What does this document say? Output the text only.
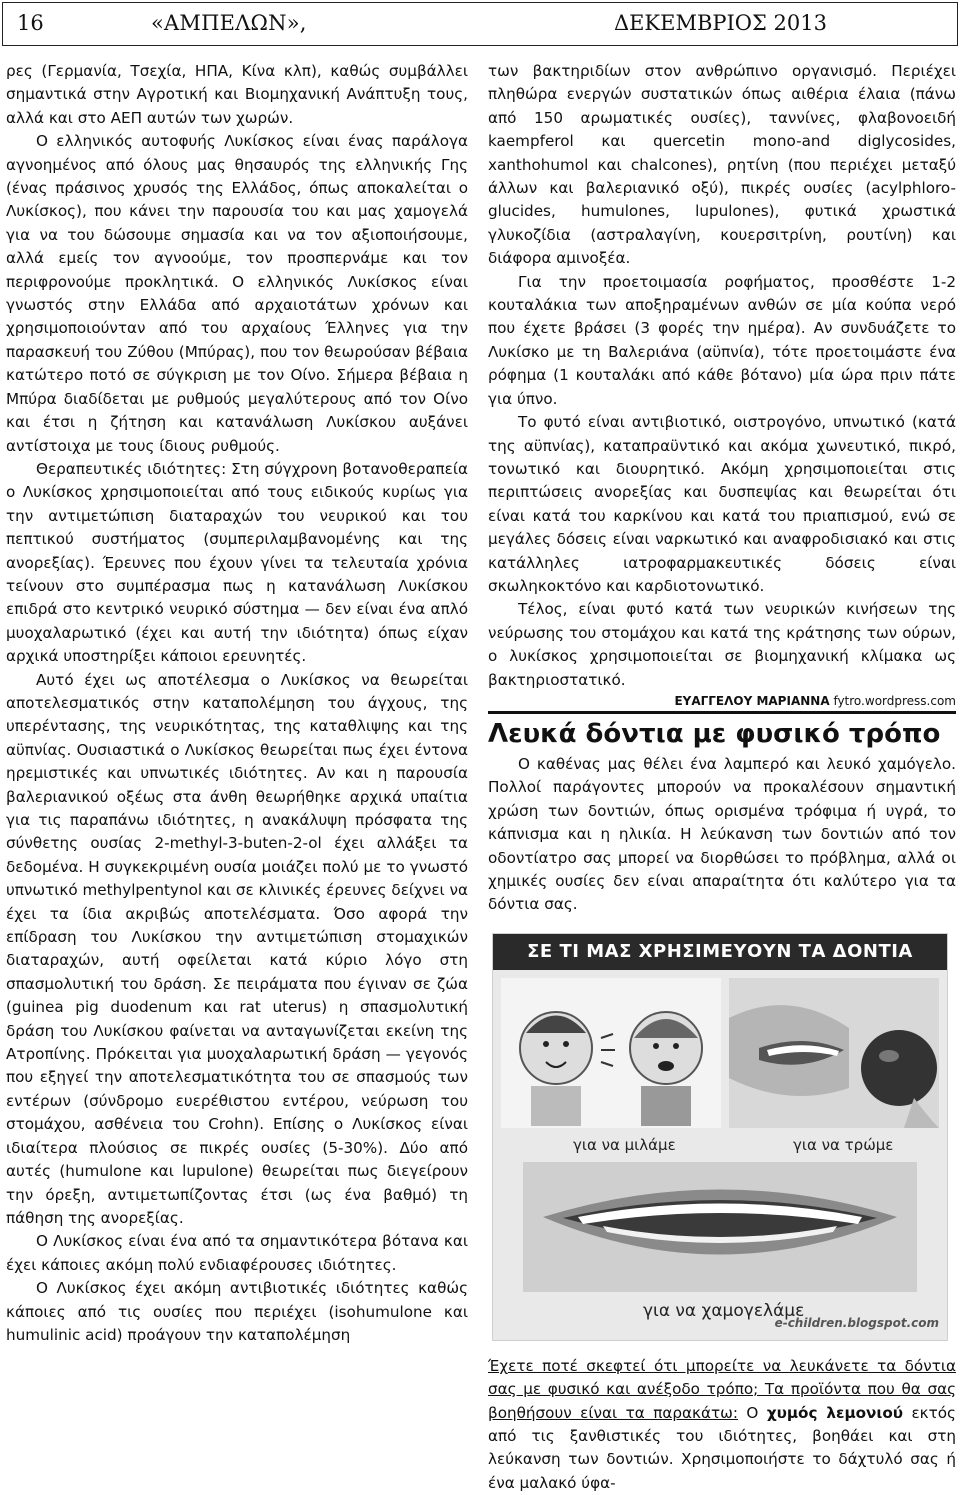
16	«ΑΜΠΕΛΩΝ»,	ΔΕΚΕΜΒΡΙΟΣ 2013

ρες (Γερμανία, Τσεχία, ΗΠΑ, Κίνα κλπ), καθώς συμβάλλει σημαντικά στην Αγροτική και Βιομηχανική Ανάπτυξη τους, αλλά και στο ΑΕΠ αυτών των χωρών.

Ο ελληνικός αυτοφυής Λυκίσκος είναι ένας παράλογα αγνοημένος από όλους μας θησαυρός της ελληνικής Γης (ένας πράσινος χρυσός της Ελλάδος, όπως αποκαλείται ο Λυκίσκος), που κάνει την παρουσία του και μας χαμογελά για να του δώσουμε σημασία και να τον αξιοποιήσουμε, αλλά εμείς τον αγνοούμε, τον προσπερνάμε και τον περιφρονούμε προκλητικά. Ο ελληνικός Λυκίσκος είναι γνωστός στην Ελλάδα από αρχαιοτάτων χρόνων και χρησιμοποιούνταν από του αρχαίους Έλληνες για την παρασκευή του Ζύθου (Μπύρας), που τον θεωρούσαν βέβαια κατώτερο ποτό σε σύγκριση με τον Οίνο. Σήμερα βέβαια η Μπύρα διαδίδεται με ρυθμούς μεγαλύτερους από τον Οίνο και έτσι η ζήτηση και κατανάλωση Λυκίσκου αυξάνει αντίστοιχα με τους ίδιους ρυθμούς.

Θεραπευτικές ιδιότητες: Στη σύγχρονη βοτανοθεραπεία ο Λυκίσκος χρησιμοποιείται από τους ειδικούς κυρίως για την αντιμετώπιση διαταραχών του νευρικού και του πεπτικού συστήματος (συμπεριλαμβανομένης και της ανορεξίας). Έρευνες που έχουν γίνει τα τελευταία χρόνια τείνουν στο συμπέρασμα πως η κατανάλωση Λυκίσκου επιδρά στο κεντρικό νευρικό σύστημα — δεν είναι ένα απλό μυοχαλαρωτικό (έχει και αυτή την ιδιότητα) όπως είχαν αρχικά υποστηρίξει κάποιοι ερευνητές.

Αυτό έχει ως αποτέλεσμα ο Λυκίσκος να θεωρείται αποτελεσματικός στην καταπολέμηση του άγχους, της υπερέντασης, της νευρικότητας, της καταθλιψης και της αϋπνίας. Ουσιαστικά ο Λυκίσκος θεωρείται πως έχει έντονα ηρεμιστικές και υπνωτικές ιδιότητες. Αν και η παρουσία βαλεριανικού οξέως στα άνθη θεωρήθηκε αρχικά υπαίτια για τις παραπάνω ιδιότητες, η ανακάλυψη πρόσφατα της σύνθετης ουσίας 2-methyl-3-buten-2-ol έχει αλλάξει τα δεδομένα. Η συγκεκριμένη ουσία μοιάζει πολύ με το γνωστό υπνωτικό methylpentynol και σε κλινικές έρευνες δείχνει να έχει τα ίδια ακριβώς αποτελέσματα. Όσο αφορά την επίδραση του Λυκίσκου την αντιμετώπιση στομαχικών διαταραχών, αυτή οφείλεται κατά κύριο λόγο στη σπασμολυτική του δράση. Σε πειράματα που έγιναν σε ζώα (guinea pig duodenum και rat uterus) η σπασμολυτική δράση του Λυκίσκου φαίνεται να ανταγωνίζεται εκείνη της Ατροπίνης. Πρόκειται για μυοχαλαρωτική δράση — γεγονός που εξηγεί την αποτελεσματικότητα του σε σπασμούς των εντέρων (σύνδρομο ευερέθιστου εντέρου, νεύρωση του στομάχου, ασθένεια του Crohn). Επίσης ο Λυκίσκος είναι ιδιαίτερα πλούσιος σε πικρές ουσίες (5-30%). Δύο από αυτές (humulone και lupulone) θεωρείται πως διεγείρουν την όρεξη, αντιμετωπίζοντας έτσι (ως ένα βαθμό) τη πάθηση της ανορεξίας.

Ο Λυκίσκος είναι ένα από τα σημαντικότερα βότανα και έχει κάποιες ακόμη πολύ ενδιαφέρουσες ιδιότητες.

Ο Λυκίσκος έχει ακόμη αντιβιοτικές ιδιότητες καθώς κάποιες από τις ουσίες που περιέχει (isohumulone και humulinic acid) προάγουν την καταπολέμηση

των βακτηριδίων στον ανθρώπινο οργανισμό. Περιέχει πληθώρα ενεργών συστατικών όπως αιθέρια έλαια (πάνω από 150 αρωματικές ουσίες), ταννίνες, φλαβονοειδή kaempferol και quercetin mono-and diglycosides, xanthohumol και chalcones), ρητίνη (που περιέχει μεταξύ άλλων και βαλεριανικό οξύ), πικρές ουσίες (acylphloro-glucides, humulones, lupulones), φυτικά χρωστικά γλυκοζίδια (αστραλαγίνη, κουερσιτρίνη, ρουτίνη) και διάφορα αμινοξέα.

Για την προετοιμασία ροφήματος, προσθέστε 1-2 κουταλάκια των αποξηραμένων ανθών σε μία κούπα νερό που έχετε βράσει (3 φορές την ημέρα). Αν συνδυάζετε το Λυκίσκο με τη Βαλεριάνα (αϋπνία), τότε προετοιμάστε ένα ρόφημα (1 κουταλάκι από κάθε βότανο) μία ώρα πριν πάτε για ύπνο.

Το φυτό είναι αντιβιοτικό, οιστρογόνο, υπνωτικό (κατά της αϋπνίας), καταπραϋντικό και ακόμα χωνευτικό, πικρό, τονωτικό και διουρητικό. Ακόμη χρησιμοποιείται στις περιπτώσεις ανορεξίας και δυσπεψίας και θεωρείται ότι είναι κατά του καρκίνου και κατά του πριαπισμού, ενώ σε μεγάλες δόσεις είναι ναρκωτικό και αναφροδισιακό και στις κατάλληλες ιατροφαρμακευτικές δόσεις είναι σκωληκοκτόνο και καρδιοτονωτικό.

Τέλος, είναι φυτό κατά των νευρικών κινήσεων της νεύρωσης του στομάχου και κατά της κράτησης των ούρων, ο λυκίσκος χρησιμοποιείται σε βιομηχανική κλίμακα ως βακτηριοστατικό.

ΕΥΑΓΓΕΛΟΥ ΜΑΡΙΑΝΝΑ fytro.wordpress.com
Λευκά δόντια με φυσικό τρόπο

Ο καθένας μας θέλει ένα λαμπερό και λευκό χαμόγελο. Πολλοί παράγοντες μπορούν να προκαλέσουν σημαντική χρώση των δοντιών, όπως ορισμένα τρόφιμα ή υγρά, το κάπνισμα και η ηλικία. Η λεύκανση των δοντιών από τον οδοντίατρο σας μπορεί να διορθώσει το πρόβλημα, αλλά οι χημικές ουσίες δεν είναι απαραίτητα ότι καλύτερο για τα δόντια σας.

ΣΕ ΤΙ ΜΑΣ ΧΡΗΣΙΜΕΥΟΥΝ ΤΑ ΔΟΝΤΙΑ
για να μιλάμε	για να τρώμε
για να χαμογελάμε
e-children.blogspot.com

Έχετε ποτέ σκεφτεί ότι μπορείτε να λευκάνετε τα δόντια σας με φυσικό και ανέξοδο τρόπο; Τα προϊόντα που θα σας βοηθήσουν είναι τα παρακάτω: Ο χυμός λεμονιού εκτός από τις ξανθιστικές του ιδιότητες, βοηθάει και στη λεύκανση των δοντιών. Χρησιμοποιήστε το δάχτυλό σας ή ένα μαλακό ύφα-
